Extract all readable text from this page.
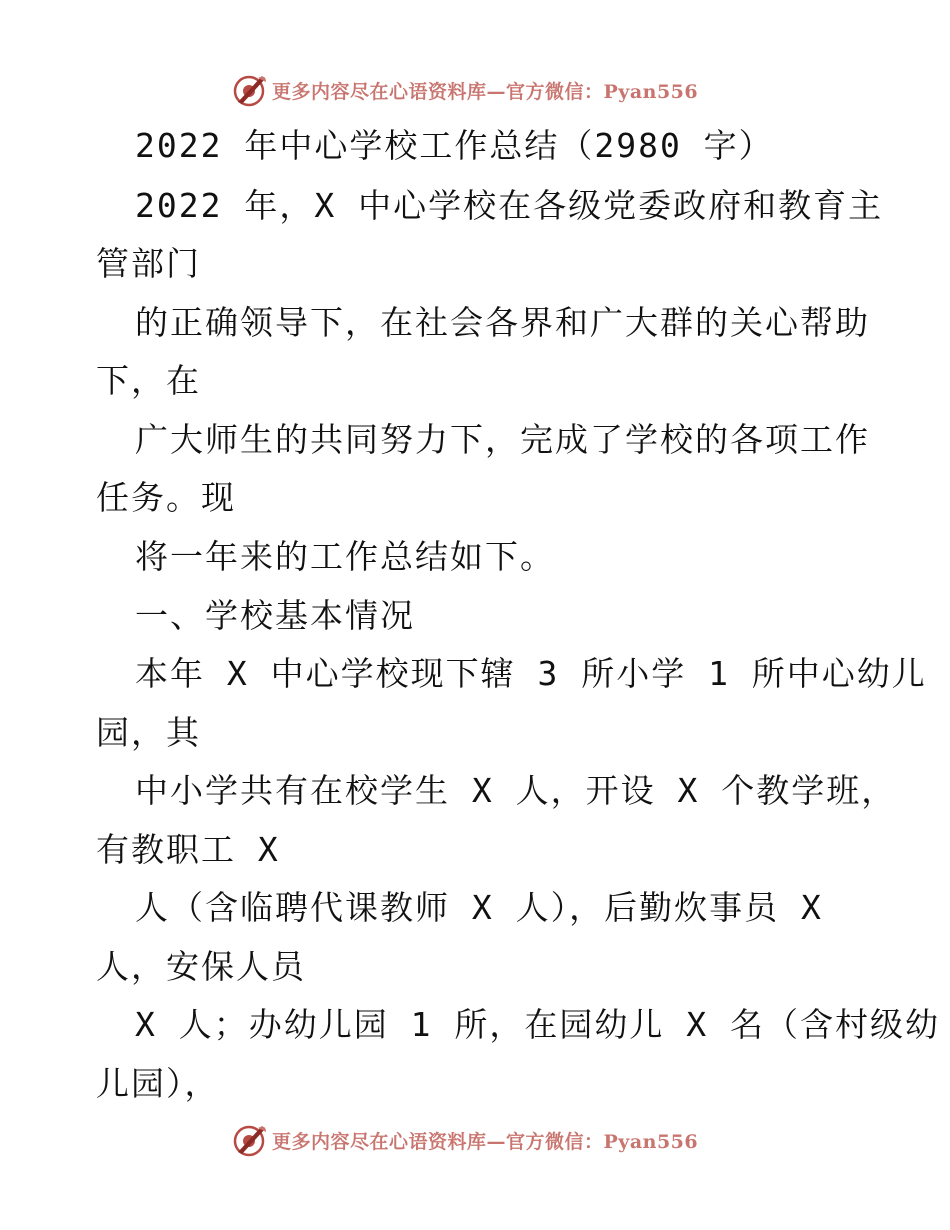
更多内容尽在心语资料库—官方微信：Pyan556
2022 年中心学校工作总结（2980 字）
2022 年，X 中心学校在各级党委政府和教育主
管部门
的正确领导下，在社会各界和广大群的关心帮助
下，在
广大师生的共同努力下，完成了学校的各项工作
任务。现
将一年来的工作总结如下。
一、学校基本情况
本年 X 中心学校现下辖 3 所小学 1 所中心幼儿
园，其
中小学共有在校学生 X 人，开设 X 个教学班，
有教职工 X
人（含临聘代课教师 X 人），后勤炊事员 X
人，安保人员
X 人；办幼儿园 1 所，在园幼儿 X 名（含村级幼
儿园），
更多内容尽在心语资料库—官方微信：Pyan556
